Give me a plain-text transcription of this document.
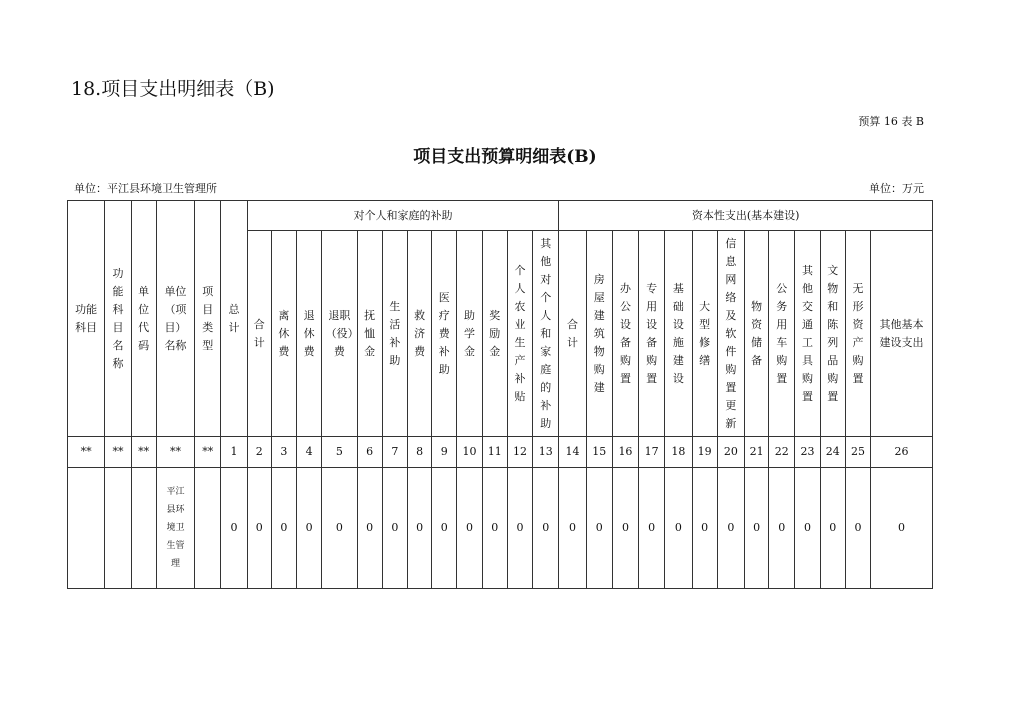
18.项目支出明细表（B)
预算 16 表 B
项目支出预算明细表(B)
单位：平江县环境卫生管理所	单位：万元
功能科目	功能科目名称	单位代码	单位（项目）名称	项目类型	总计	对个人和家庭的补助												资本性支出(基本建设)												
						合计	离休费	退休费	退职（役）费	抚恤金	生活补助	救济费	医疗费补助	助学金	奖励金	个人农业生产补贴	其他对个人和家庭的补助	合计	房屋建筑物购建	办公设备购置	专用设备购置	基础设施建设	大型修缮	信息网络及软件购置更新	物资储备	公务用车购置	其他交通工具购置	文物和陈列品购置	无形资产购置	其他基本建设支出
**	**	**	**	**	1	2	3	4	5	6	7	8	9	10	11	12	13	14	15	16	17	18	19	20	21	22	23	24	25	26
			平江县环境卫生管理		0	0	0	0	0	0	0	0	0	0	0	0	0	0	0	0	0	0	0	0	0	0	0	0	0	0
